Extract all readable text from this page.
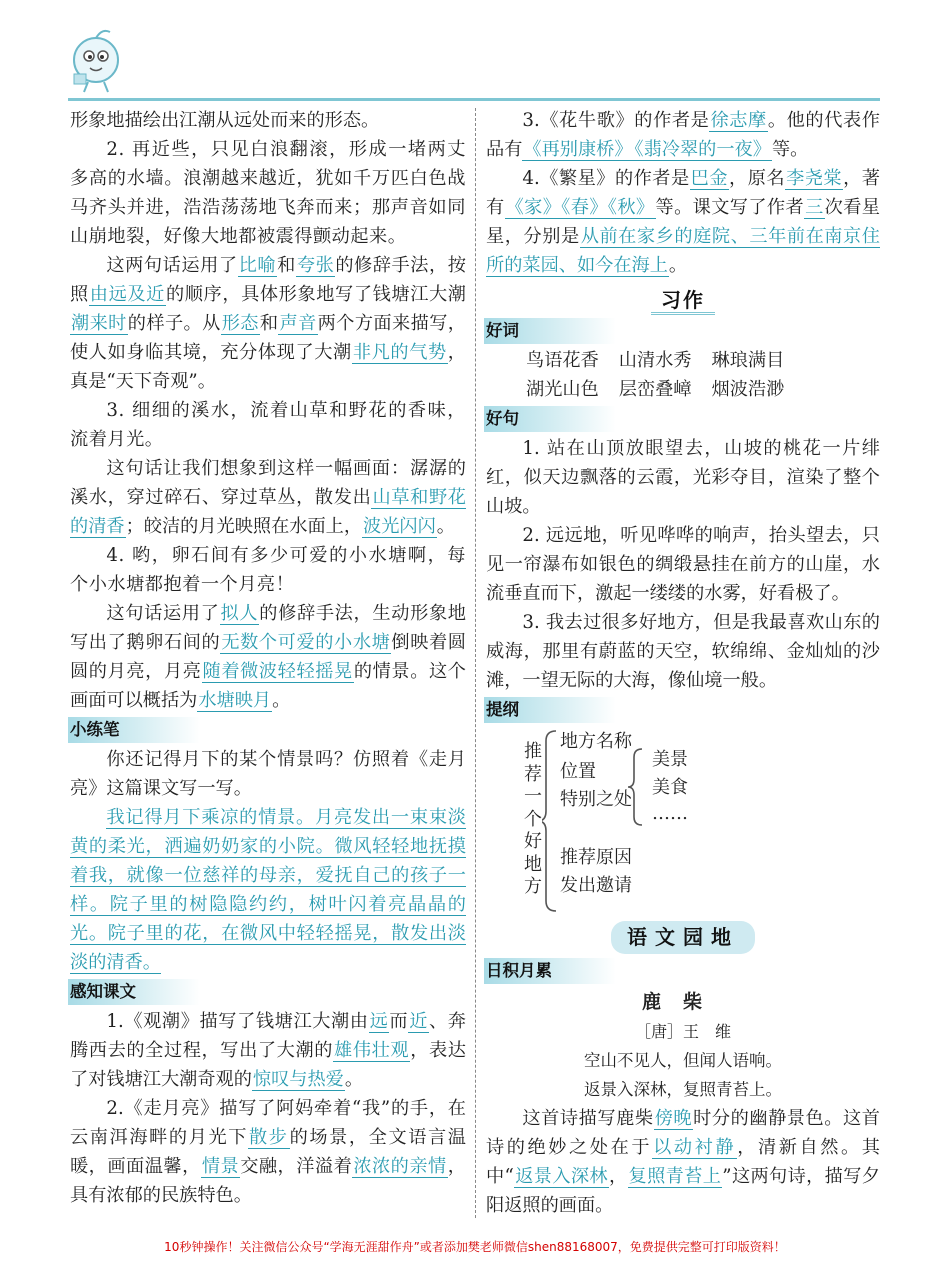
形象地描绘出江潮从远处而来的形态。

2. 再近些，只见白浪翻滚，形成一堵两丈多高的水墙。浪潮越来越近，犹如千万匹白色战马齐头并进，浩浩荡荡地飞奔而来；那声音如同山崩地裂，好像大地都被震得颤动起来。

这两句话运用了比喻和夸张的修辞手法，按照由远及近的顺序，具体形象地写了钱塘江大潮潮来时的样子。从形态和声音两个方面来描写，使人如身临其境，充分体现了大潮非凡的气势，真是“天下奇观”。

3. 细细的溪水，流着山草和野花的香味，流着月光。

这句话让我们想象到这样一幅画面：潺潺的溪水，穿过碎石、穿过草丛，散发出山草和野花的清香；皎洁的月光映照在水面上，波光闪闪。

4. 哟，卵石间有多少可爱的小水塘啊，每个小水塘都抱着一个月亮！

这句话运用了拟人的修辞手法，生动形象地写出了鹅卵石间的无数个可爱的小水塘倒映着圆圆的月亮，月亮随着微波轻轻摇晃的情景。这个画面可以概括为水塘映月。

小练笔

你还记得月下的某个情景吗？仿照着《走月亮》这篇课文写一写。

我记得月下乘凉的情景。月亮发出一束束淡黄的柔光，洒遍奶奶家的小院。微风轻轻地抚摸着我，就像一位慈祥的母亲，爱抚自己的孩子一样。院子里的树隐隐约约，树叶闪着亮晶晶的光。院子里的花，在微风中轻轻摇晃，散发出淡淡的清香。

感知课文

1.《观潮》描写了钱塘江大潮由远而近、奔腾西去的全过程，写出了大潮的雄伟壮观，表达了对钱塘江大潮奇观的惊叹与热爱。

2.《走月亮》描写了阿妈牵着“我”的手，在云南洱海畔的月光下散步的场景，全文语言温暖，画面温馨，情景交融，洋溢着浓浓的亲情，具有浓郁的民族特色。

3.《花牛歌》的作者是徐志摩。他的代表作品有《再别康桥》 《翡冷翠的一夜》等。

4.《繁星》的作者是巴金，原名李尧棠，著有《家》《春》《秋》等。课文写了作者三次看星星，分别是从前在家乡的庭院、三年前在南京住所的菜园、如今在海上。

习作
好词

鸟语花香 山清水秀 琳琅满目

湖光山色 层峦叠嶂 烟波浩渺

好句

1. 站在山顶放眼望去，山坡的桃花一片绯红，似天边飘落的云霞，光彩夺目，渲染了整个山坡。

2. 远远地，听见哗哗的响声，抬头望去，只见一帘瀑布如银色的绸缎悬挂在前方的山崖，水流垂直而下，激起一缕缕的水雾，好看极了。

3. 我去过很多好地方，但是我最喜欢山东的威海，那里有蔚蓝的天空，软绵绵、金灿灿的沙滩，一望无际的大海，像仙境一般。

提纲
推荐一个好地方
地方名称
位置
特别之处
美景
美食
……
推荐原因
发出邀请
语文园地
日积月累

鹿柴

［唐］王　维

空山不见人，但闻人语响。

返景入深林，复照青苔上。

这首诗描写鹿柴傍晚时分的幽静景色。这首诗的绝妙之处在于以动衬静，清新自然。其中“返景入深林，复照青苔上”这两句诗，描写夕阳返照的画面。

10秒钟操作！关注微信公众号“学海无涯甜作舟”或者添加樊老师微信shen88168007，免费提供完整可打印版资料！
